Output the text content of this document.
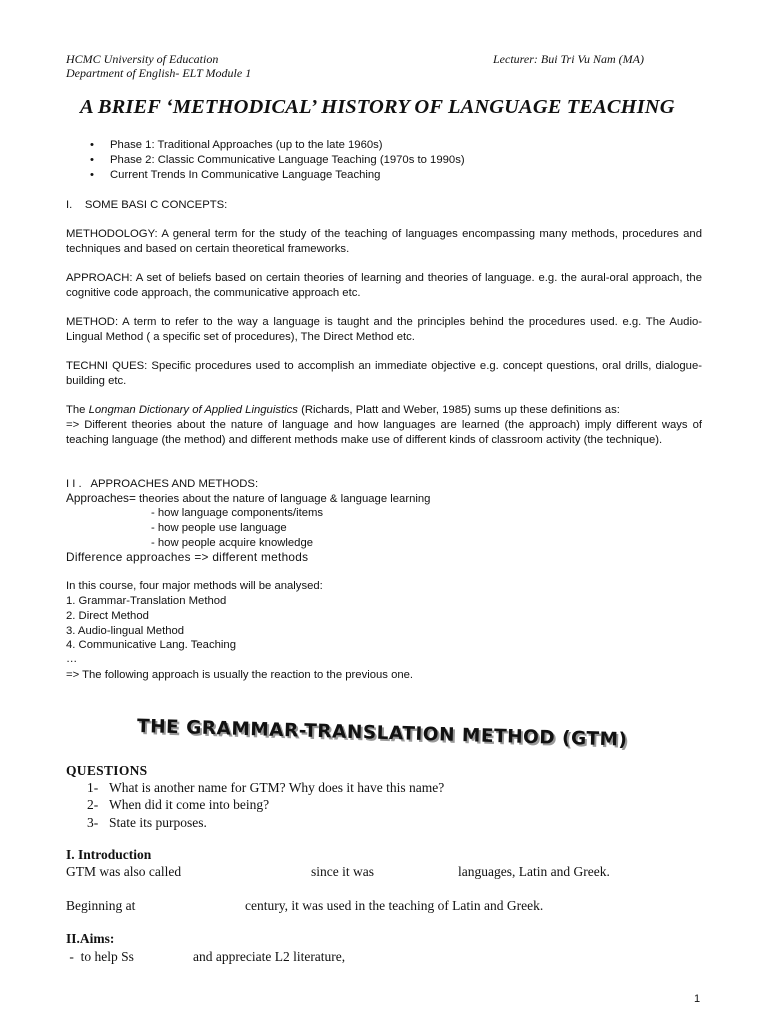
HCMC University of Education
Department of English- ELT Module 1
Lecturer: Bui Tri Vu Nam (MA)
A BRIEF ‘METHODICAL’ HISTORY OF LANGUAGE TEACHING
• Phase 1: Traditional Approaches (up to the late 1960s)
• Phase 2: Classic Communicative Language Teaching (1970s to 1990s)
• Current Trends In Communicative Language Teaching
I.    SOME BASI C CONCEPTS:
METHODOLOGY: A general term for the study of the teaching of languages encompassing many methods, procedures and techniques and based on certain theoretical frameworks.
APPROACH: A set of beliefs based on certain theories of learning and theories of language. e.g. the aural-oral approach, the cognitive code approach, the communicative approach etc.
METHOD: A term to refer to the way a language is taught and the principles behind the procedures used. e.g. The Audio-Lingual Method ( a specific set of procedures), The Direct Method etc.
TECHNI QUES: Specific procedures used to accomplish an immediate objective e.g. concept questions, oral drills, dialogue-building etc.
The Longman Dictionary of Applied Linguistics (Richards, Platt and Weber, 1985) sums up these definitions as:
=> Different theories about the nature of language and how languages are learned (the approach) imply different ways of teaching language (the method) and different methods make use of different kinds of classroom activity (the technique).
I I .   APPROACHES AND METHODS:
Approaches= theories about the nature of language & language learning
- how language components/items
- how people use language
- how people acquire knowledge
Difference approaches => different methods
In this course, four major methods will be analysed:
1. Grammar-Translation Method
2. Direct Method
3. Audio-lingual Method
4. Communicative Lang. Teaching
…
=> The following approach is usually the reaction to the previous one.
THE GRAMMAR-TRANSLATION METHOD (GTM)
QUESTIONS
1- What is another name for GTM? Why does it have this name?
2- When did it come into being?
3- State its purposes.
I. Introduction
GTM was also called	since it was	languages, Latin and Greek.
Beginning at	century, it was used in the teaching of Latin and Greek.
II.Aims:
-  to help Ss	and appreciate L2 literature,
1
